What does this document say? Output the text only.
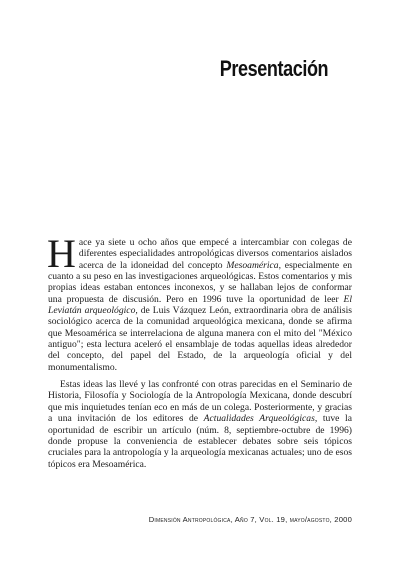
Presentación

Hace ya siete u ocho años que empecé a intercambiar con colegas de diferentes especialidades antropológicas diversos comentarios aislados acerca de la idoneidad del concepto Mesoamérica, especialmente en cuanto a su peso en las investigaciones arqueológicas. Estos comentarios y mis propias ideas estaban entonces inconexos, y se hallaban lejos de conformar una propuesta de discusión. Pero en 1996 tuve la oportunidad de leer El Leviatán arqueológico, de Luis Vázquez León, extraordinaria obra de análisis sociológico acerca de la comunidad arqueológica mexicana, donde se afirma que Mesoamérica se interrelaciona de alguna manera con el mito del "México antiguo"; esta lectura aceleró el ensamblaje de todas aquellas ideas alrededor del concepto, del papel del Estado, de la arqueología oficial y del monumentalismo.

Estas ideas las llevé y las confronté con otras parecidas en el Seminario de Historia, Filosofía y Sociología de la Antropología Mexicana, donde descubrí que mis inquietudes tenían eco en más de un colega. Posteriormente, y gracias a una invitación de los editores de Actualidades Arqueológicas, tuve la oportunidad de escribir un artículo (núm. 8, septiembre-octubre de 1996) donde propuse la conveniencia de establecer debates sobre seis tópicos cruciales para la antropología y la arqueología mexicanas actuales; uno de esos tópicos era Mesoamérica.

Dimensión Antropológica, Año 7, Vol. 19, mayo/agosto, 2000
